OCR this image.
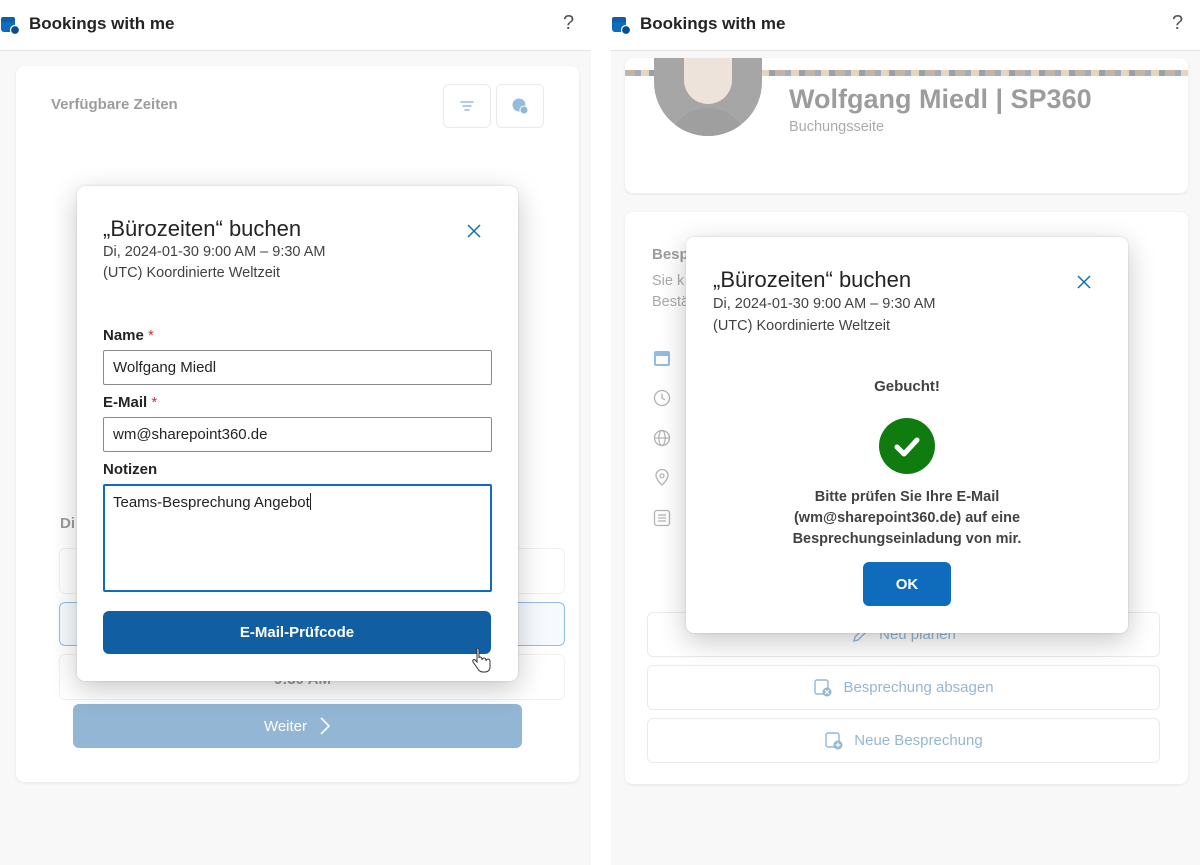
Bookings with me	?
„Bürozeiten“ buchen
Di, 2024-01-30 9:00 AM – 9:30 AM
(UTC) Koordinierte Weltzeit
Name *
Wolfgang Miedl
E-Mail *
wm@sharepoint360.de
Notizen
Teams-Besprechung Angebot
E-Mail-Prüfcode
Bookings with me	?
„Bürozeiten“ buchen
Di, 2024-01-30 9:00 AM – 9:30 AM
(UTC) Koordinierte Weltzeit
Gebucht!
Bitte prüfen Sie Ihre E-Mail
(wm@sharepoint360.de) auf eine
Besprechungseinladung von mir.
OK
